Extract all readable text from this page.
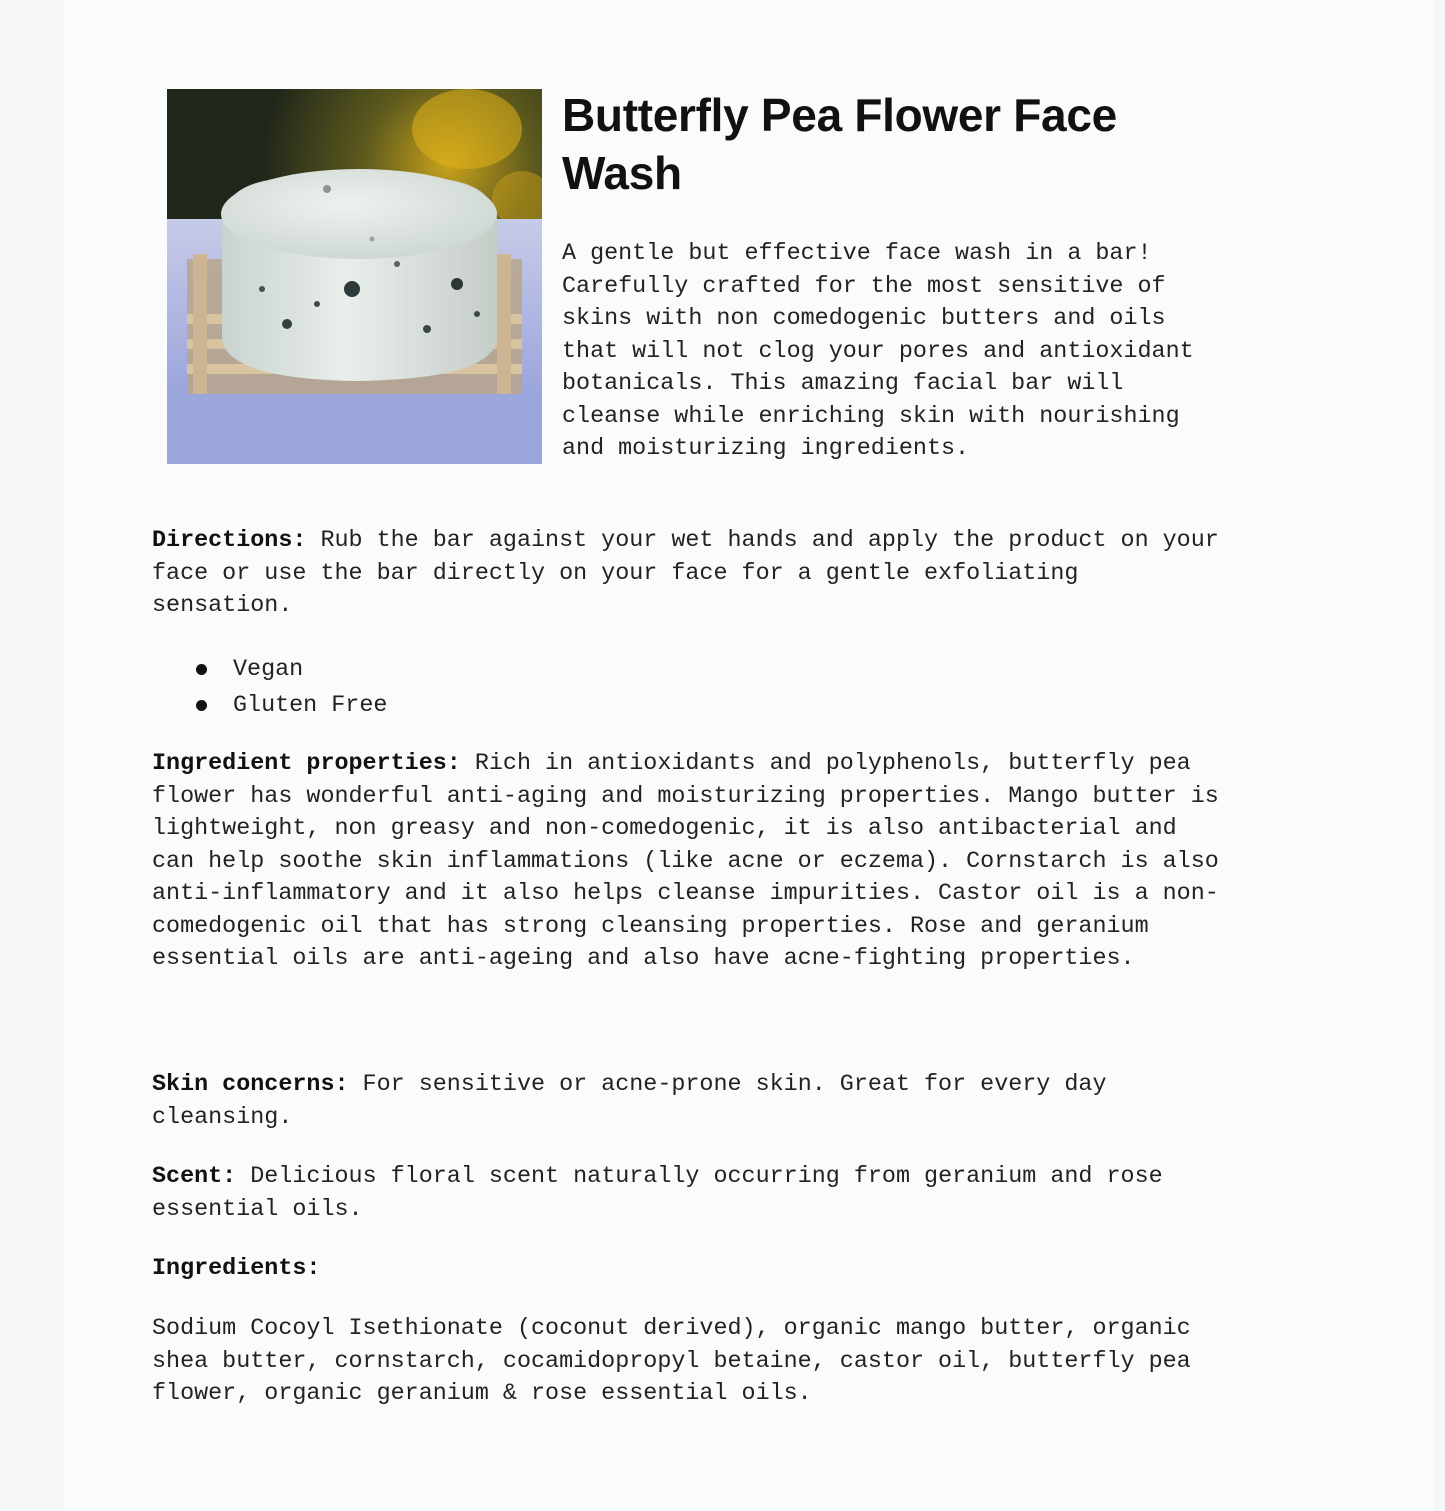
Butterfly Pea Flower Face Wash

A gentle but effective face wash in a bar! Carefully crafted for the most sensitive of skins with non comedogenic butters and oils that will not clog your pores and antioxidant botanicals. This amazing facial bar will cleanse while enriching skin with nourishing and moisturizing ingredients.

Directions: Rub the bar against your wet hands and apply the product on your face or use the bar directly on your face for a gentle exfoliating sensation.

Vegan
Gluten Free

Ingredient properties: Rich in antioxidants and polyphenols, butterfly pea flower has wonderful anti-aging and moisturizing properties. Mango butter is lightweight, non greasy and non-comedogenic, it is also antibacterial and can help soothe skin inflammations (like acne or eczema). Cornstarch is also anti-inflammatory and it also helps cleanse impurities. Castor oil is a non-comedogenic oil that has strong cleansing properties. Rose and geranium essential oils are anti-ageing and also have acne-fighting properties.

Skin concerns: For sensitive or acne-prone skin. Great for every day cleansing.

Scent: Delicious floral scent naturally occurring from geranium and rose essential oils.

Ingredients:

Sodium Cocoyl Isethionate (coconut derived), organic mango butter, organic shea butter, cornstarch, cocamidopropyl betaine, castor oil, butterfly pea flower, organic geranium & rose essential oils.
